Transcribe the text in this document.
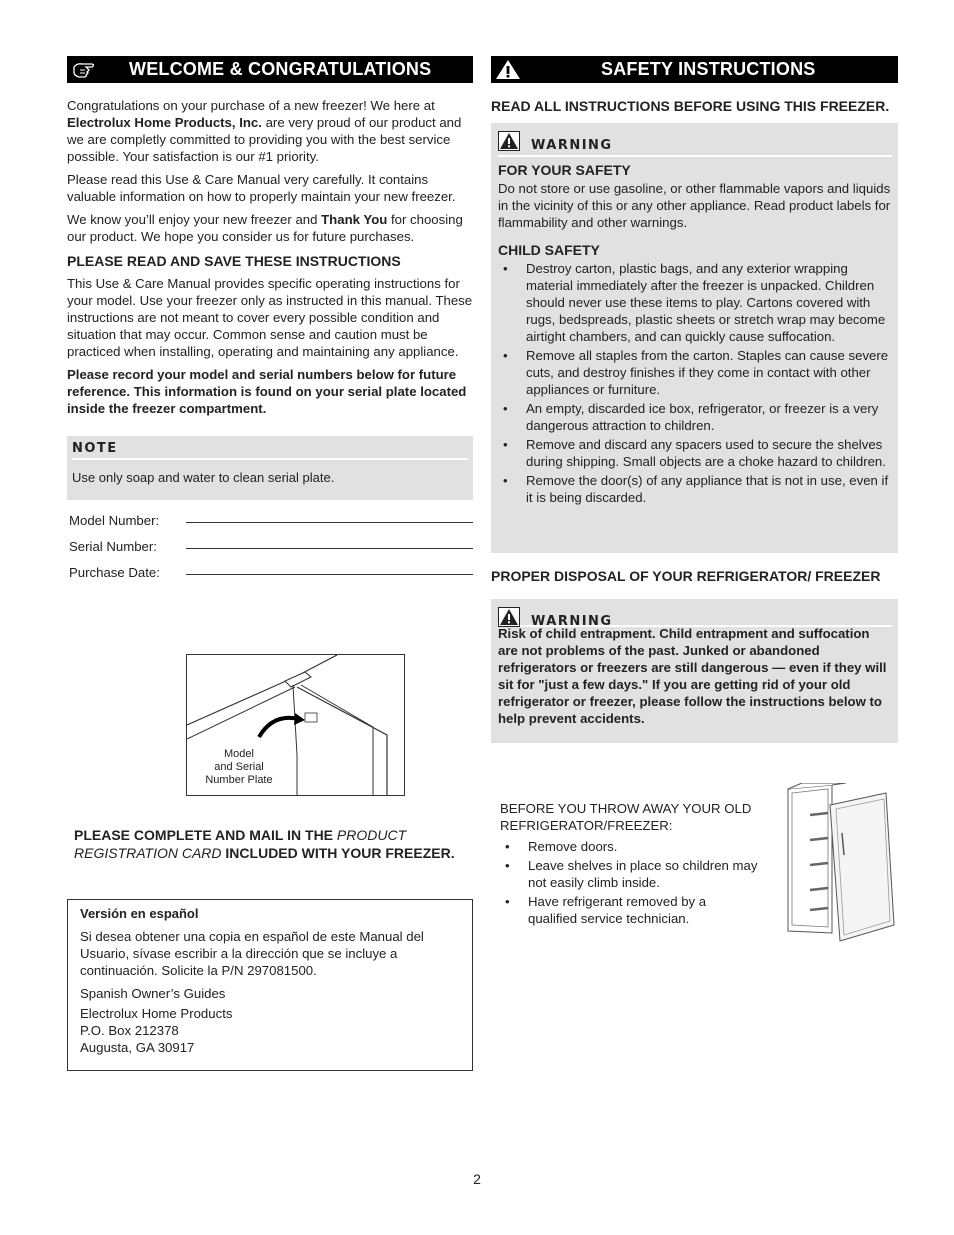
WELCOME & CONGRATULATIONS

Congratulations on your purchase of a new freezer! We here at Electrolux Home Products, Inc. are very proud of our product and we are completly committed to providing you with the best service possible. Your satisfaction is our #1 priority.

Please read this Use & Care Manual very carefully. It contains valuable information on how to properly maintain your new freezer.

We know you’ll enjoy your new freezer and Thank You for choosing our product. We hope you consider us for future purchases.

PLEASE READ AND SAVE THESE INSTRUCTIONS

This Use & Care Manual provides specific operating instructions for your model. Use your freezer only as instructed in this manual. These instructions are not meant to cover every possible condition and situation that may occur. Common sense and caution must be practiced when installing, operating and maintaining any appliance.

Please record your model and serial numbers below for future reference. This information is found on your serial plate located inside the freezer compartment.

NOTE

Use only soap and water to clean serial plate.

Model Number:
Serial Number:
Purchase Date:
Model
and Serial
Number Plate
PLEASE COMPLETE AND MAIL IN THE PRODUCT REGISTRATION CARD INCLUDED WITH YOUR FREEZER.

Versión en español

Si desea obtener una copia en español de este Manual del Usuario, sívase escribir a la dirección que se incluye a continuación. Solicite la P/N 297081500.

Spanish Owner’s Guides

Electrolux Home Products

P.O. Box 212378

Augusta, GA 30917

SAFETY INSTRUCTIONS
READ ALL INSTRUCTIONS BEFORE USING THIS FREEZER.
WARNING
FOR YOUR SAFETY

Do not store or use gasoline, or other flammable vapors and liquids in the vicinity of this or any other appliance. Read product labels for flammability and other warnings.

CHILD SAFETY
• Destroy carton, plastic bags, and any exterior wrapping material immediately after the freezer is unpacked. Children should never use these items to play. Cartons covered with rugs, bedspreads, plastic sheets or stretch wrap may become airtight chambers, and can quickly cause suffocation.
• Remove all staples from the carton. Staples can cause severe cuts, and destroy finishes if they come in contact with other appliances or furniture.
• An empty, discarded ice box, refrigerator, or freezer is a very dangerous attraction to children.
• Remove and discard any spacers used to secure the shelves during shipping. Small objects are a choke hazard to children.
• Remove the door(s) of any appliance that is not in use, even if it is being discarded.
PROPER DISPOSAL OF YOUR REFRIGERATOR/ FREEZER
WARNING

Risk of child entrapment. Child entrapment and suffocation are not problems of the past. Junked or abandoned refrigerators or freezers are still dangerous — even if they will sit for "just a few days." If you are getting rid of your old refrigerator or freezer, please follow the instructions below to help prevent accidents.

BEFORE YOU THROW AWAY YOUR OLD REFRIGERATOR/FREEZER:

• Remove doors.
• Leave shelves in place so children may not easily climb inside.
• Have refrigerant removed by a qualified service technician.
2
